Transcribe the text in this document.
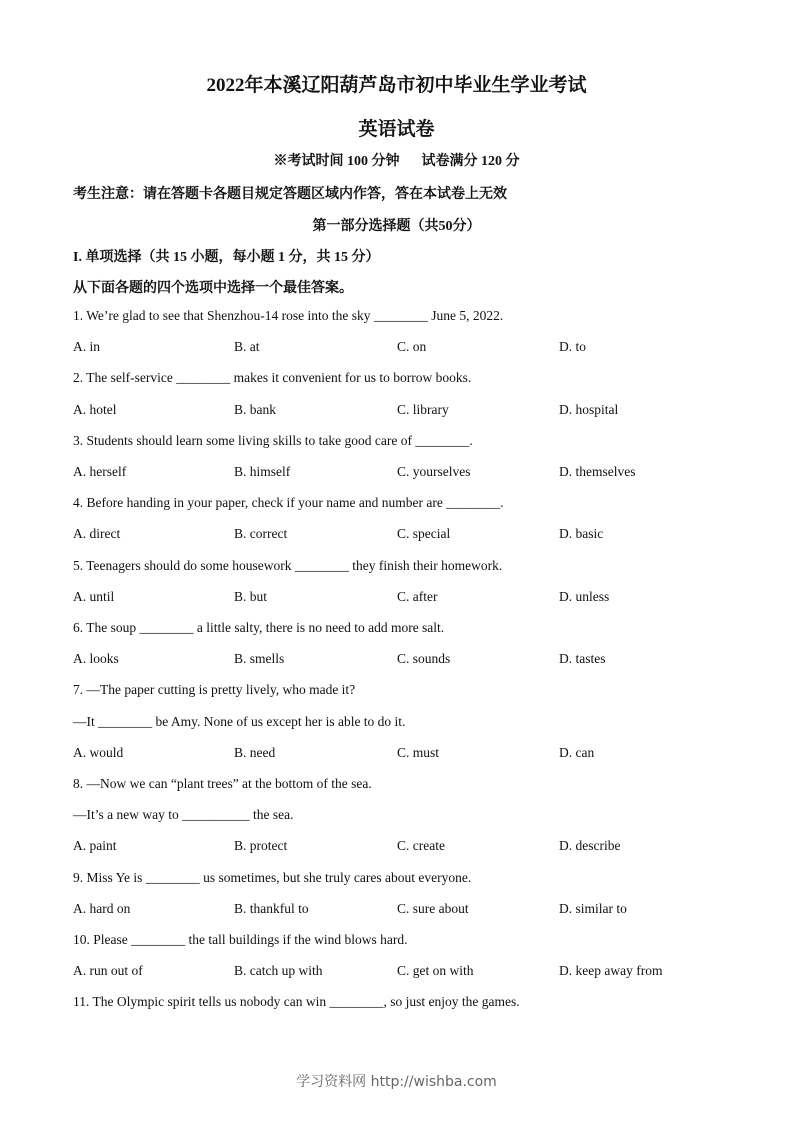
2022年本溪辽阳葫芦岛市初中毕业生学业考试
英语试卷
※考试时间 100 分钟 试卷满分 120 分
考生注意：请在答题卡各题目规定答题区域内作答，答在本试卷上无效
第一部分选择题（共50分）
I. 单项选择（共 15 小题，每小题 1 分，共 15 分）
从下面各题的四个选项中选择一个最佳答案。
1. We’re glad to see that Shenzhou-14 rose into the sky ________ June 5, 2022.
A. in	B. at	C. on	D. to
2. The self-service ________ makes it convenient for us to borrow books.
A. hotel	B. bank	C. library	D. hospital
3. Students should learn some living skills to take good care of ________.
A. herself	B. himself	C. yourselves	D. themselves
4. Before handing in your paper, check if your name and number are ________.
A. direct	B. correct	C. special	D. basic
5. Teenagers should do some housework ________ they finish their homework.
A. until	B. but	C. after	D. unless
6. The soup ________ a little salty, there is no need to add more salt.
A. looks	B. smells	C. sounds	D. tastes
7. —The paper cutting is pretty lively, who made it?
—It ________ be Amy. None of us except her is able to do it.
A. would	B. need	C. must	D. can
8. —Now we can “plant trees” at the bottom of the sea.
—It’s a new way to __________ the sea.
A. paint	B. protect	C. create	D. describe
9. Miss Ye is ________ us sometimes, but she truly cares about everyone.
A. hard on	B. thankful to	C. sure about	D. similar to
10. Please ________ the tall buildings if the wind blows hard.
A. run out of	B. catch up with	C. get on with	D. keep away from
11. The Olympic spirit tells us nobody can win ________, so just enjoy the games.
学习资料网 http://wishba.com
